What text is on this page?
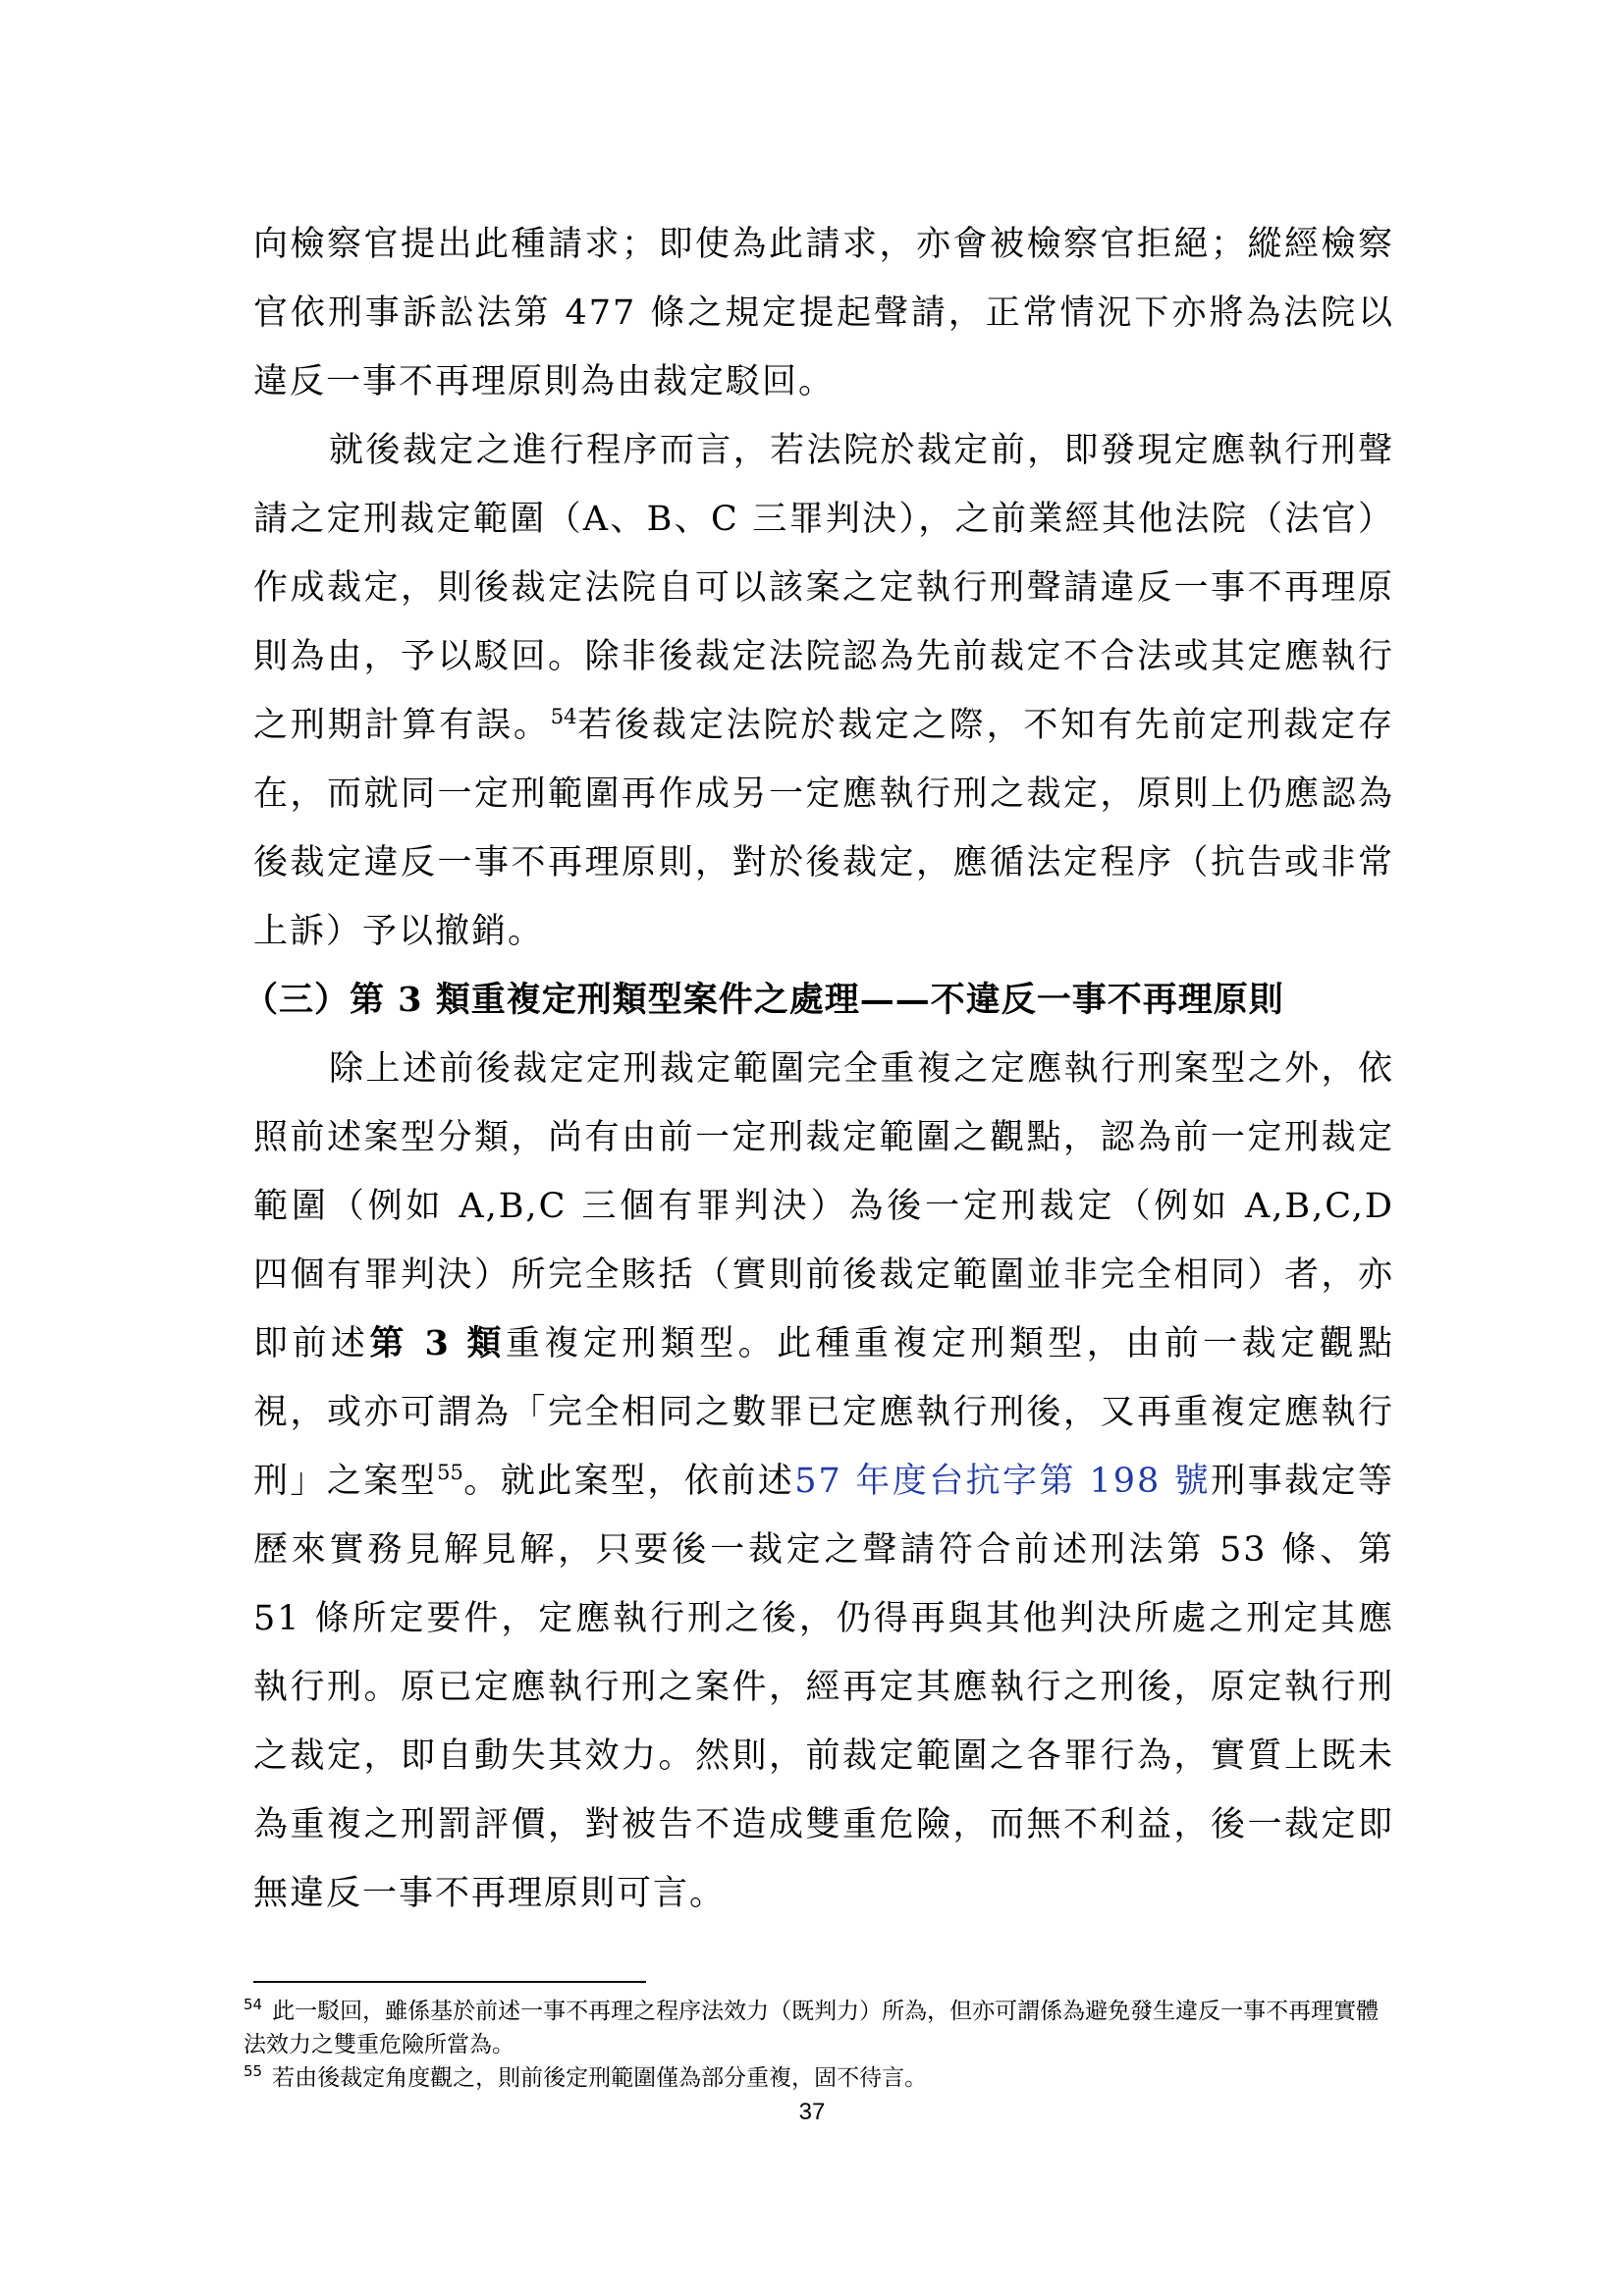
向檢察官提出此種請求；即使為此請求，亦會被檢察官拒絕；縱經檢察官依刑事訴訟法第 477 條之規定提起聲請，正常情況下亦將為法院以違反一事不再理原則為由裁定駁回。

就後裁定之進行程序而言，若法院於裁定前，即發現定應執行刑聲請之定刑裁定範圍（A、B、C 三罪判決），之前業經其他法院（法官）作成裁定，則後裁定法院自可以該案之定執行刑聲請違反一事不再理原則為由，予以駁回。除非後裁定法院認為先前裁定不合法或其定應執行之刑期計算有誤。$^{54}$若後裁定法院於裁定之際，不知有先前定刑裁定存在，而就同一定刑範圍再作成另一定應執行刑之裁定，原則上仍應認為後裁定違反一事不再理原則，對於後裁定，應循法定程序（抗告或非常上訴）予以撤銷。

（三）第 3 類重複定刑類型案件之處理——不違反一事不再理原則

除上述前後裁定定刑裁定範圍完全重複之定應執行刑案型之外，依照前述案型分類，尚有由前一定刑裁定範圍之觀點，認為前一定刑裁定範圍（例如 A,B,C 三個有罪判決）為後一定刑裁定（例如 A,B,C,D 四個有罪判決）所完全賅括（實則前後裁定範圍並非完全相同）者，亦即前述第 3 類重複定刑類型。此種重複定刑類型，由前一裁定觀點視，或亦可謂為「完全相同之數罪已定應執行刑後，又再重複定應執行刑」之案型$^{55}$。就此案型，依前述57 年度台抗字第 198 號刑事裁定等歷來實務見解見解，只要後一裁定之聲請符合前述刑法第 53 條、第 51 條所定要件，定應執行刑之後，仍得再與其他判決所處之刑定其應執行刑。原已定應執行刑之案件，經再定其應執行之刑後，原定執行刑之裁定，即自動失其效力。然則，前裁定範圍之各罪行為，實質上既未為重複之刑罰評價，對被告不造成雙重危險，而無不利益，後一裁定即無違反一事不再理原則可言。

$^{54}$ 此一駁回，雖係基於前述一事不再理之程序法效力（既判力）所為，但亦可謂係為避免發生違反一事不再理實體法效力之雙重危險所當為。

$^{55}$ 若由後裁定角度觀之，則前後定刑範圍僅為部分重複，固不待言。

37
